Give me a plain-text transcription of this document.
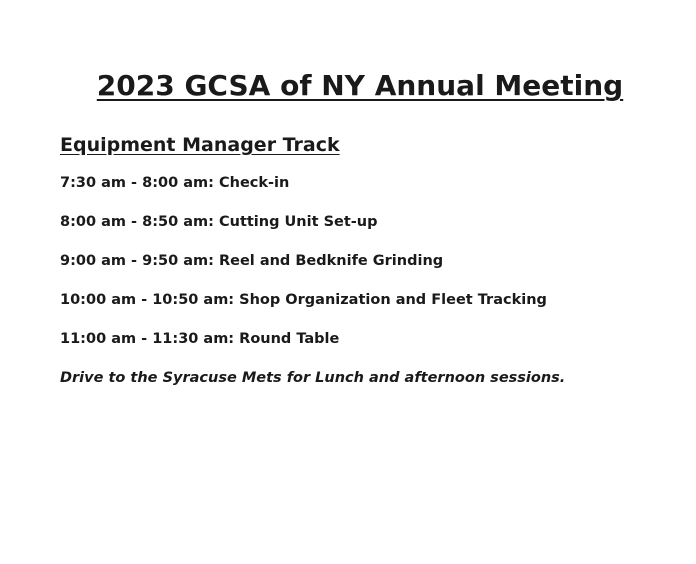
2023 GCSA of NY Annual Meeting
Equipment Manager Track
7:30 am - 8:00 am: Check-in
8:00 am - 8:50 am: Cutting Unit Set-up
9:00 am - 9:50 am: Reel and Bedknife Grinding
10:00 am - 10:50 am: Shop Organization and Fleet Tracking
11:00 am - 11:30 am: Round Table

Drive to the Syracuse Mets for Lunch and afternoon sessions.
